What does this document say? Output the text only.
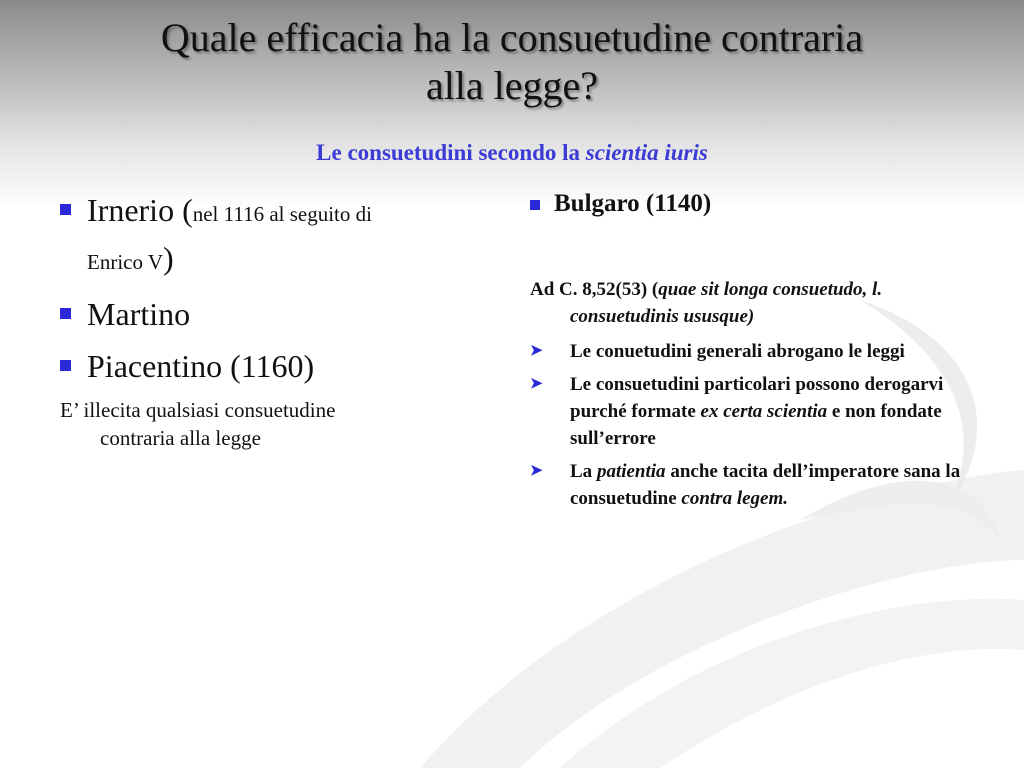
Quale efficacia ha la consuetudine contraria
alla legge?
Le consuetudini secondo la scientia iuris
Irnerio (nel 1116 al seguito di
Enrico V)
Martino
Piacentino (1160)
E’ illecita qualsiasi consuetudine
contraria alla legge
Bulgaro (1140)
Ad C. 8,52(53) (quae sit longa consuetudo, l. consuetudinis ususque)
➤	Le conuetudini generali abrogano le leggi
➤	Le consuetudini particolari possono derogarvi purché formate ex certa scientia e non fondate sull’errore
➤	La patientia anche tacita dell’imperatore sana la consuetudine contra legem.
